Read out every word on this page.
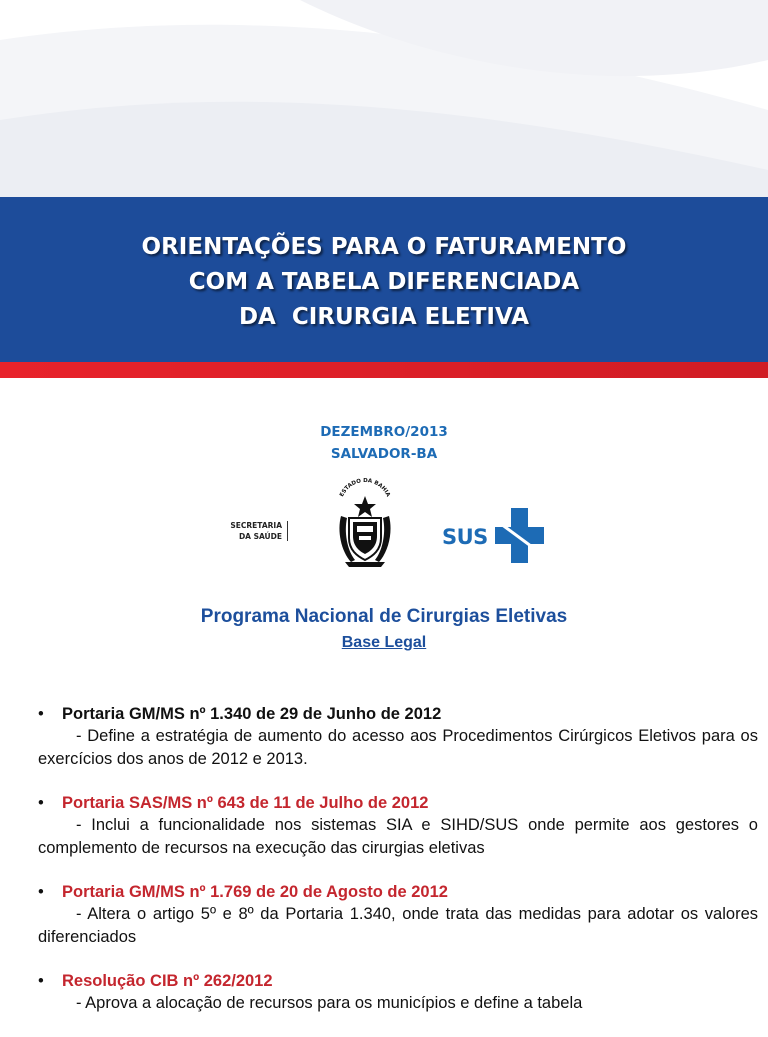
ORIENTAÇÕES PARA O FATURAMENTO
COM A TABELA DIFERENCIADA
DA  CIRURGIA ELETIVA
DEZEMBRO/2013
SALVADOR-BA
SECRETARIA
DA SAÚDE
ESTADO DA BAHIA
SUS
Programa Nacional de Cirurgias Eletivas
Base Legal
• Portaria GM/MS nº 1.340 de 29 de Junho de 2012
- Define a estratégia de aumento do acesso aos Procedimentos Cirúrgicos Eletivos para os exercícios dos anos de 2012 e 2013.
• Portaria SAS/MS nº 643 de 11 de Julho de 2012
- Inclui a funcionalidade nos sistemas SIA e SIHD/SUS onde permite aos gestores o complemento de recursos na execução das cirurgias eletivas
• Portaria GM/MS nº 1.769 de 20 de Agosto de 2012
- Altera o artigo 5º e 8º da Portaria 1.340, onde trata das medidas para adotar os valores diferenciados
• Resolução CIB nº 262/2012
- Aprova a alocação de recursos para os municípios e define a tabela
